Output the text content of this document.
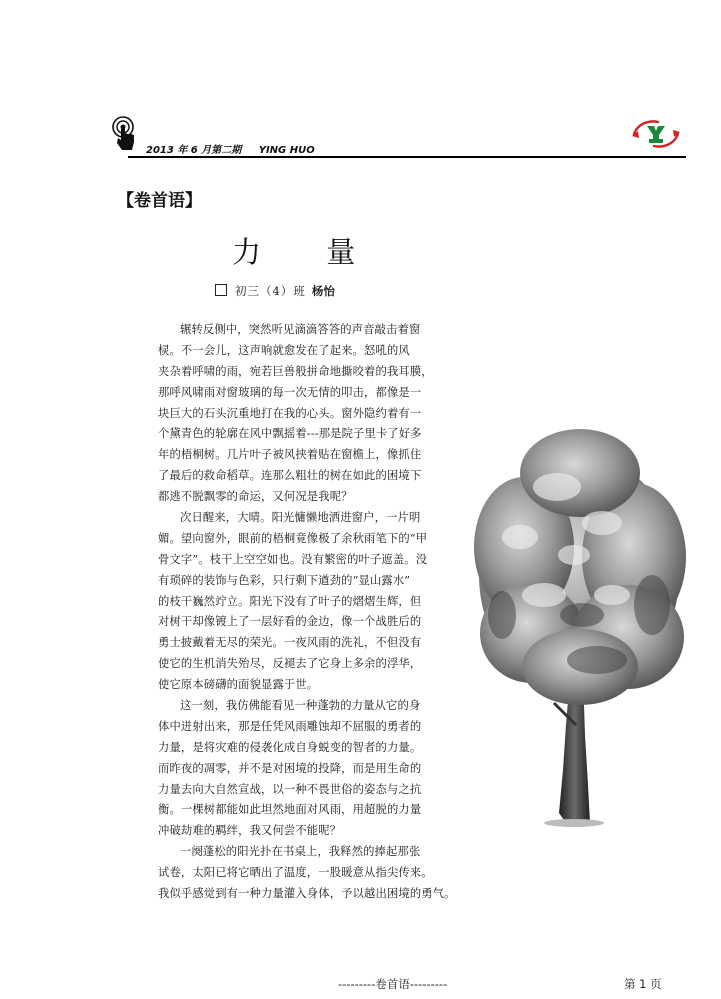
2013 年 6 月第二期 YING HUO
【卷首语】
力 量
初三（4）班 杨怡
辗转反侧中，突然听见滴滴答答的声音敲击着窗
棂。不一会儿，这声响就愈发在了起来。怒吼的风
夹杂着呼啸的雨，宛若巨兽般拼命地撕咬着的我耳膜，
那呼风啸雨对窗玻璃的每一次无情的叩击，都像是一
块巨大的石头沉重地打在我的心头。窗外隐约着有一
个黛青色的轮廓在风中飘摇着---那是院子里卡了好多
年的梧桐树。几片叶子被风挟着贴在窗檐上，像抓住
了最后的救命稻草。连那么粗壮的树在如此的困境下
都逃不脱飘零的命运，又何况是我呢？
次日醒来，大晴。阳光慵懒地洒进窗户，一片明
媚。望向窗外，眼前的梧桐竟像极了余秋雨笔下的“甲
骨文字”。枝干上空空如也。没有繁密的叶子遮盖。没
有琐碎的装饰与色彩，只行剩下遒劲的“显山露水”
的枝干巍然竚立。阳光下没有了叶子的熠熠生辉，但
对树干却像镀上了一层好看的金边，像一个战胜后的
勇士披戴着无尽的荣光。一夜风雨的洗礼，不但没有
使它的生机消失殆尽，反褪去了它身上多余的浮华，
使它原本磅礴的面貌显露于世。
这一刻，我仿佛能看见一种蓬勃的力量从它的身
体中迸射出来，那是任凭风雨雕蚀却不屈服的勇者的
力量，是将灾难的侵袭化成自身蜕变的智者的力量。
而昨夜的凋零，并不是对困境的投降，而是用生命的
力量去向大自然宣战，以一种不畏世俗的姿态与之抗
衡。一棵树都能如此坦然地面对风雨，用超脱的力量
冲破劫难的羁绊，我又何尝不能呢？
一阕蓬松的阳光扑在书桌上，我释然的捧起那张
试卷，太阳已将它晒出了温度，一股暖意从指尖传来。
我似乎感觉到有一种力量灌入身体，予以越出困境的勇气。
---------卷首语---------	第 1 页
